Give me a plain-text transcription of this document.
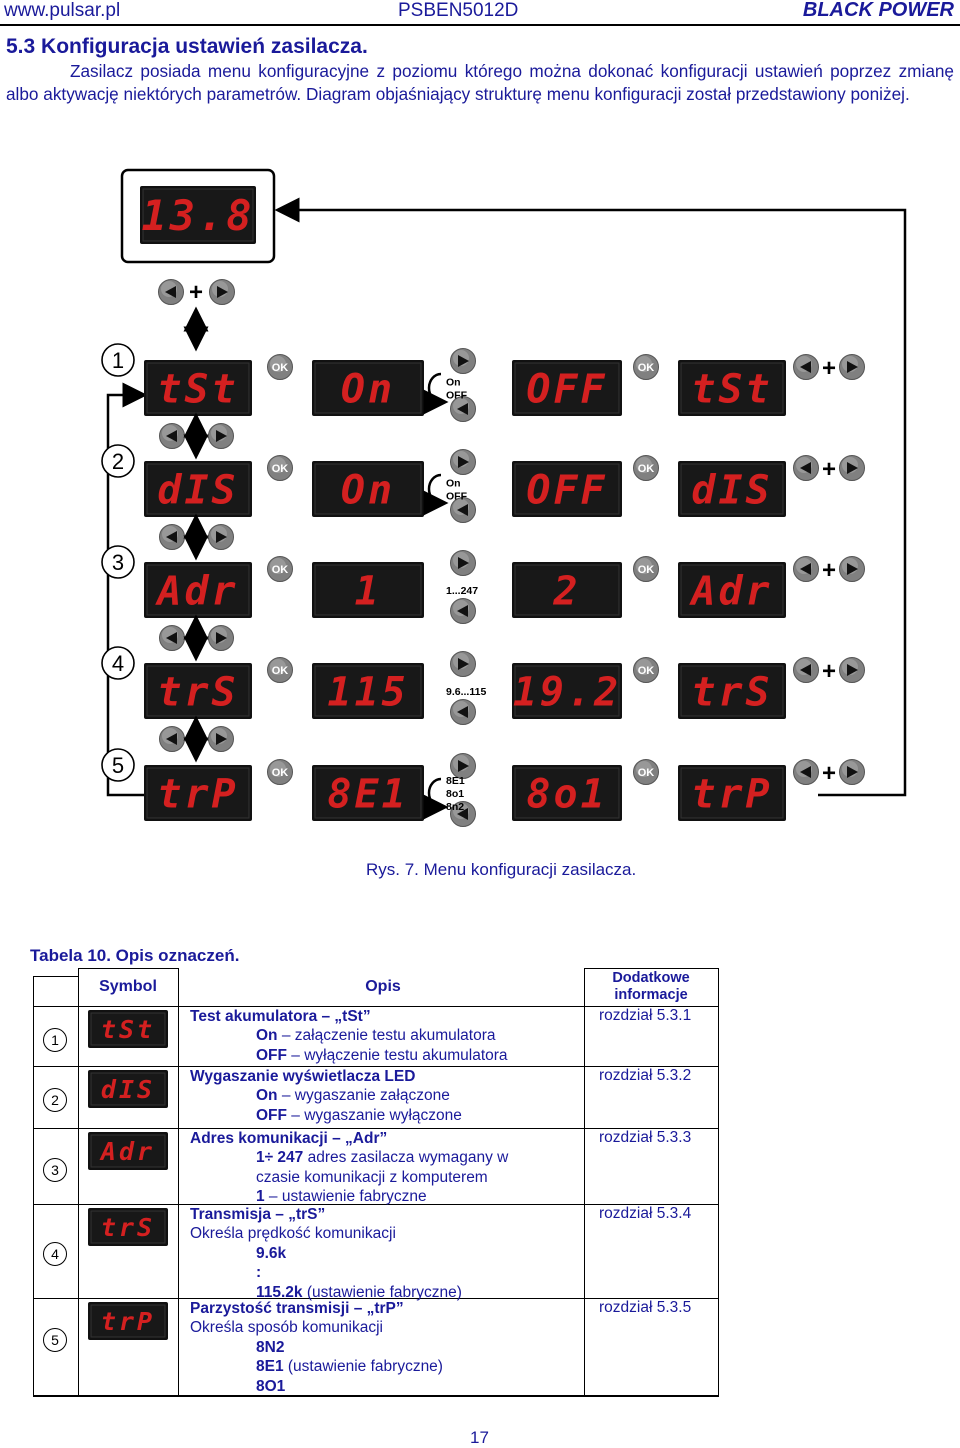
www.pulsar.pl	PSBEN5012D	BLACK POWER
5.3 Konfiguracja ustawień zasilacza.
Zasilacz posiada menu konfiguracyjne z poziomu którego można dokonać konfiguracji ustawień poprzez zmianę albo aktywację niektórych parametrów. Diagram objaśniający strukturę menu konfiguracji został przedstawiony poniżej.
13.8
+
1
tSt	OK On	On
OFF OFF	OK tSt +
2
dIS	OK On	On
OFF OFF	OK dIS +
3
Adr	OK 1	1...247 2	OK Adr +
4
trS	OK 115	9.6...115 19.2 OK trS +
5
trP	OK 8E1	8E1
8o1
8n2 8o1	OK trP +
Rys. 7. Menu konfiguracji zasilacza.
Tabela 10. Opis oznaczeń.
Symbol	Opis	Dodatkowe informacje
1	tSt Test akumulatora – „tSt”
On – załączenie testu akumulatora
OFF – wyłączenie testu akumulatora
rozdział 5.3.1
2	dIS Wygaszanie wyświetlacza LED
On – wygaszanie załączone
OFF – wygaszanie wyłączone
rozdział 5.3.2
3
Adr Adres komunikacji – „Adr”
1÷ 247 adres zasilacza wymagany w
czasie komunikacji z komputerem
1 – ustawienie fabryczne
rozdział 5.3.3
4
trS Transmisja – „trS”
Określa prędkość komunikacji
9.6k
:
115.2k (ustawienie fabryczne)
rozdział 5.3.4
5
trP Parzystość transmisji – „trP”
Określa sposób komunikacji
8N2
8E1 (ustawienie fabryczne)
8O1
rozdział 5.3.5
17
